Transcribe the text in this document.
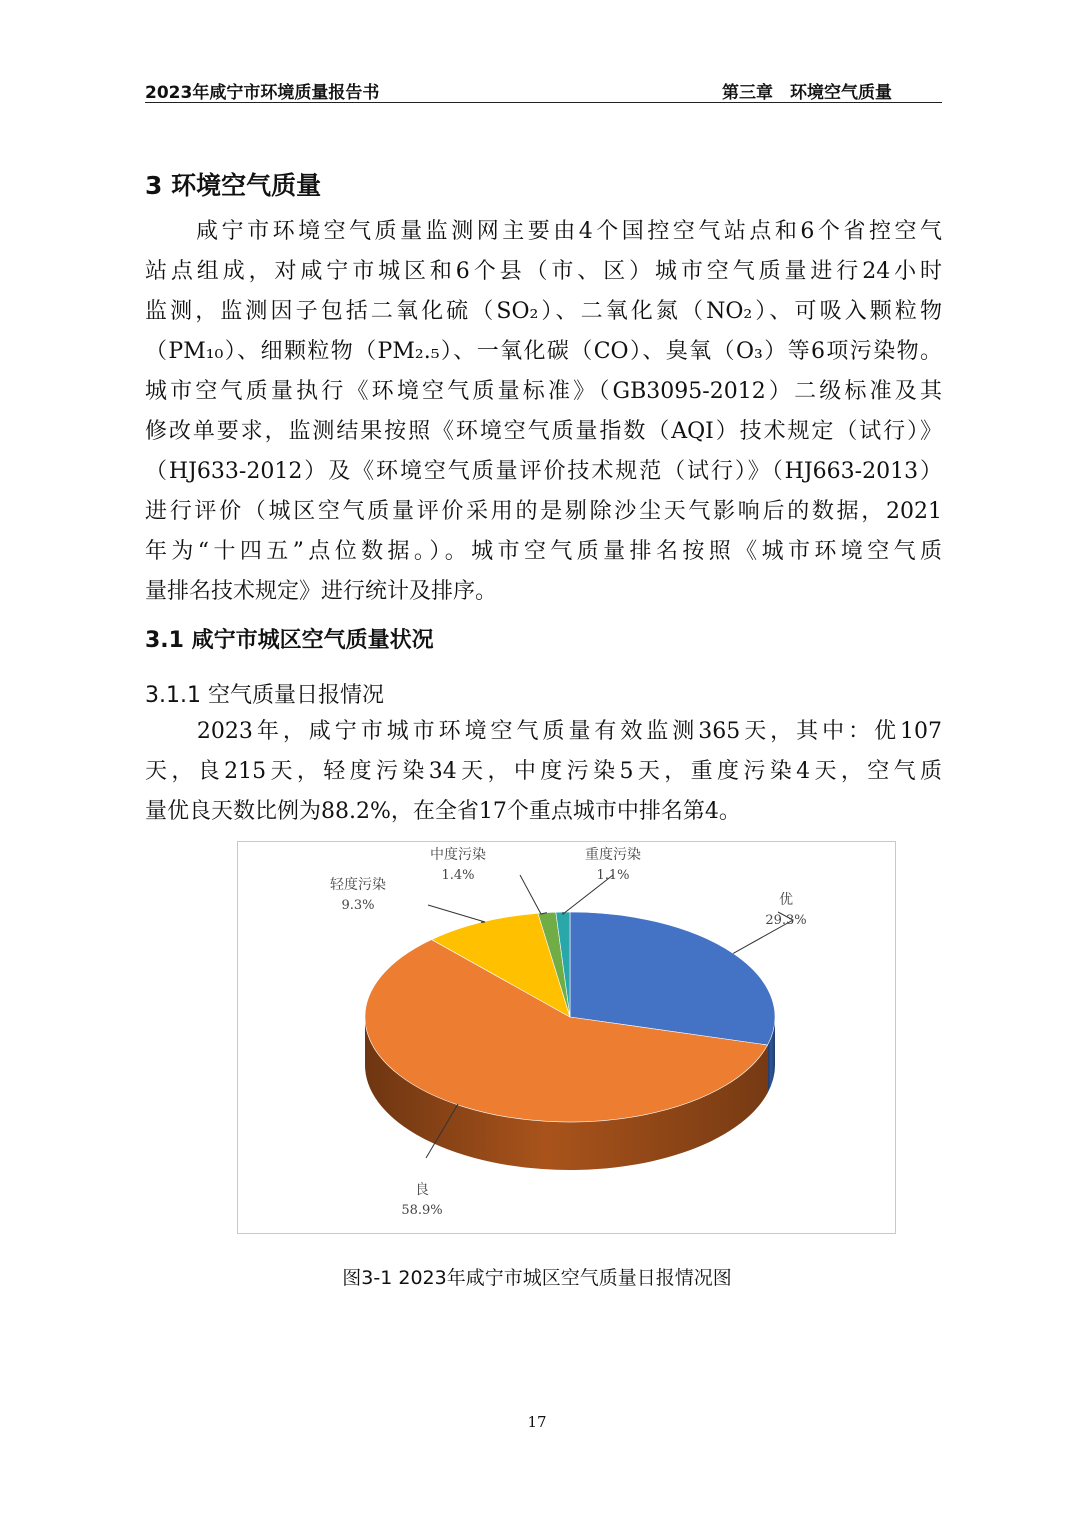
2023年咸宁市环境质量报告书	第三章　环境空气质量
3 环境空气质量
　　咸宁市环境空气质量监测网主要由4个国控空气站点和6个省控空气
站点组成，对咸宁市城区和6个县（市、区）城市空气质量进行24小时
监测，监测因子包括二氧化硫（SO₂）、二氧化氮（NO₂）、可吸入颗粒物
（PM₁₀）、细颗粒物（PM₂.₅）、一氧化碳（CO）、臭氧（O₃）等6项污染物。
城市空气质量执行《环境空气质量标准》（GB3095-2012）二级标准及其
修改单要求，监测结果按照《环境空气质量指数（AQI）技术规定（试行）》
（HJ633-2012）及《环境空气质量评价技术规范（试行）》（HJ663-2013）
进行评价（城区空气质量评价采用的是剔除沙尘天气影响后的数据，2021
年为“十四五”点位数据。）。城市空气质量排名按照《城市环境空气质
量排名技术规定》进行统计及排序。
3.1 咸宁市城区空气质量状况
3.1.1 空气质量日报情况
　　2023年，咸宁市城市环境空气质量有效监测365天，其中：优107
天，良215天，轻度污染34天，中度污染5天，重度污染4天，空气质
量优良天数比例为88.2%，在全省17个重点城市中排名第4。
优
29.3%
良
58.9%
轻度污染
9.3%
中度污染
1.4%
重度污染
1.1%
图3-1 2023年咸宁市城区空气质量日报情况图
17
